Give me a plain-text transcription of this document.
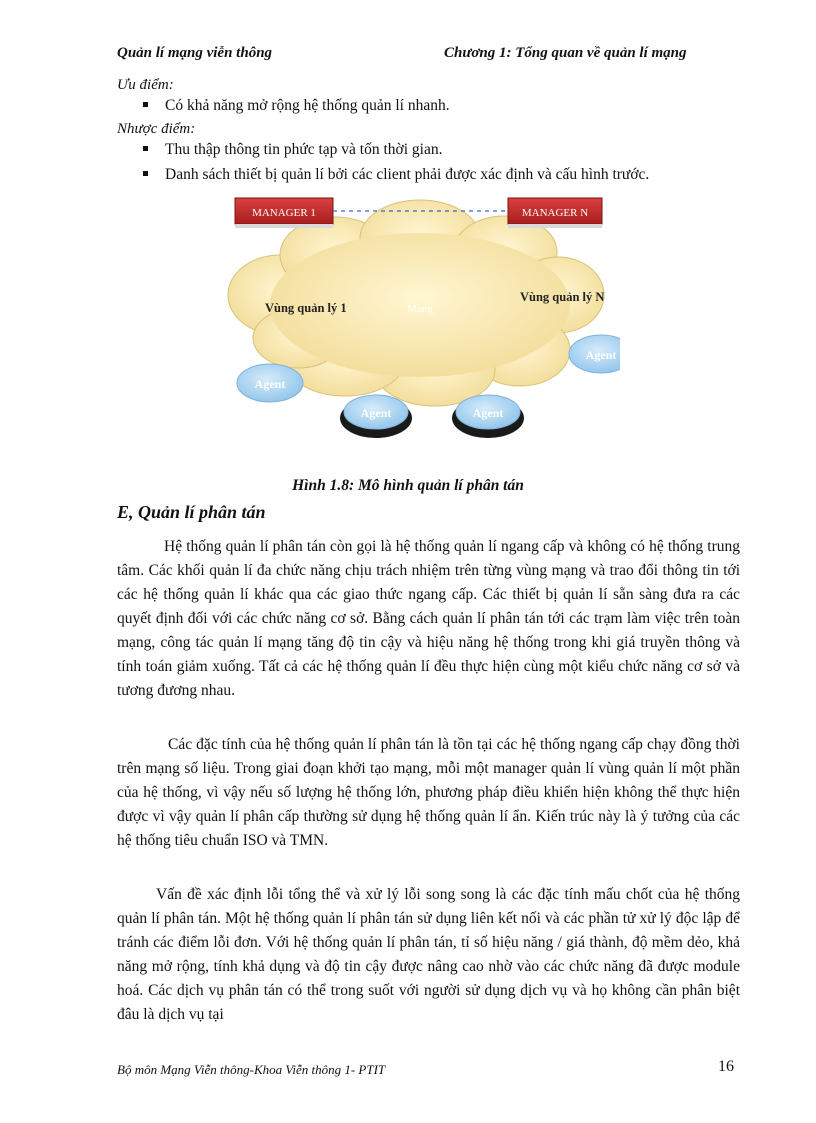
Quản lí mạng viễn thông	Chương 1: Tổng quan về quản lí mạng
Ưu điểm:
Có khả năng mở rộng hệ thống quản lí nhanh.
Nhược điểm:
Thu thập thông tin phức tạp và tốn thời gian.
Danh sách thiết bị quản lí bởi các client phải được xác định và cấu hình trước.
MANAGER 1	MANAGER N
Vùng quản lý 1
Vùng quản lý N
Mạng
Agent
Agent	Agent
Agent
Hình 1.8: Mô hình quản lí phân tán
E, Quản lí phân tán
Hệ thống quản lí phân tán còn gọi là hệ thống quản lí ngang cấp và không có hệ thống trung tâm. Các khối quản lí đa chức năng chịu trách nhiệm trên từng vùng mạng và trao đổi thông tin tới các hệ thống quản lí khác qua các giao thức ngang cấp. Các thiết bị quản lí sẵn sàng đưa ra các quyết định đối với các chức năng cơ sở. Bằng cách quản lí phân tán tới các trạm làm việc trên toàn mạng, công tác quản lí mạng tăng độ tin cậy và hiệu năng hệ thống trong khi giá truyền thông và tính toán giảm xuống. Tất cả các hệ thống quản lí đều thực hiện cùng một kiểu chức năng cơ sở và tương đương nhau.
Các đặc tính của hệ thống quản lí phân tán là tồn tại các hệ thống ngang cấp chạy đồng thời trên mạng số liệu. Trong giai đoạn khởi tạo mạng, mỗi một manager quản lí vùng quản lí một phần của hệ thống, vì vậy nếu số lượng hệ thống lớn, phương pháp điều khiển hiện không thể thực hiện được vì vậy quản lí phân cấp thường sử dụng hệ thống quản lí ẩn. Kiến trúc này là ý tưởng của các hệ thống tiêu chuẩn ISO và TMN.
Vấn đề xác định lỗi tổng thể và xử lý lỗi song song là các đặc tính mấu chốt của hệ thống quản lí phân tán. Một hệ thống quản lí phân tán sử dụng liên kết nối và các phần tử xử lý độc lập để tránh các điểm lỗi đơn. Với hệ thống quản lí phân tán, tỉ số hiệu năng / giá thành, độ mềm dẻo, khả năng mở rộng, tính khả dụng và độ tin cậy được nâng cao nhờ vào các chức năng đã được module hoá. Các dịch vụ phân tán có thể trong suốt với người sử dụng dịch vụ và họ không cần phân biệt đâu là dịch vụ tại
Bộ môn Mạng Viễn thông-Khoa Viễn thông 1- PTIT	16
